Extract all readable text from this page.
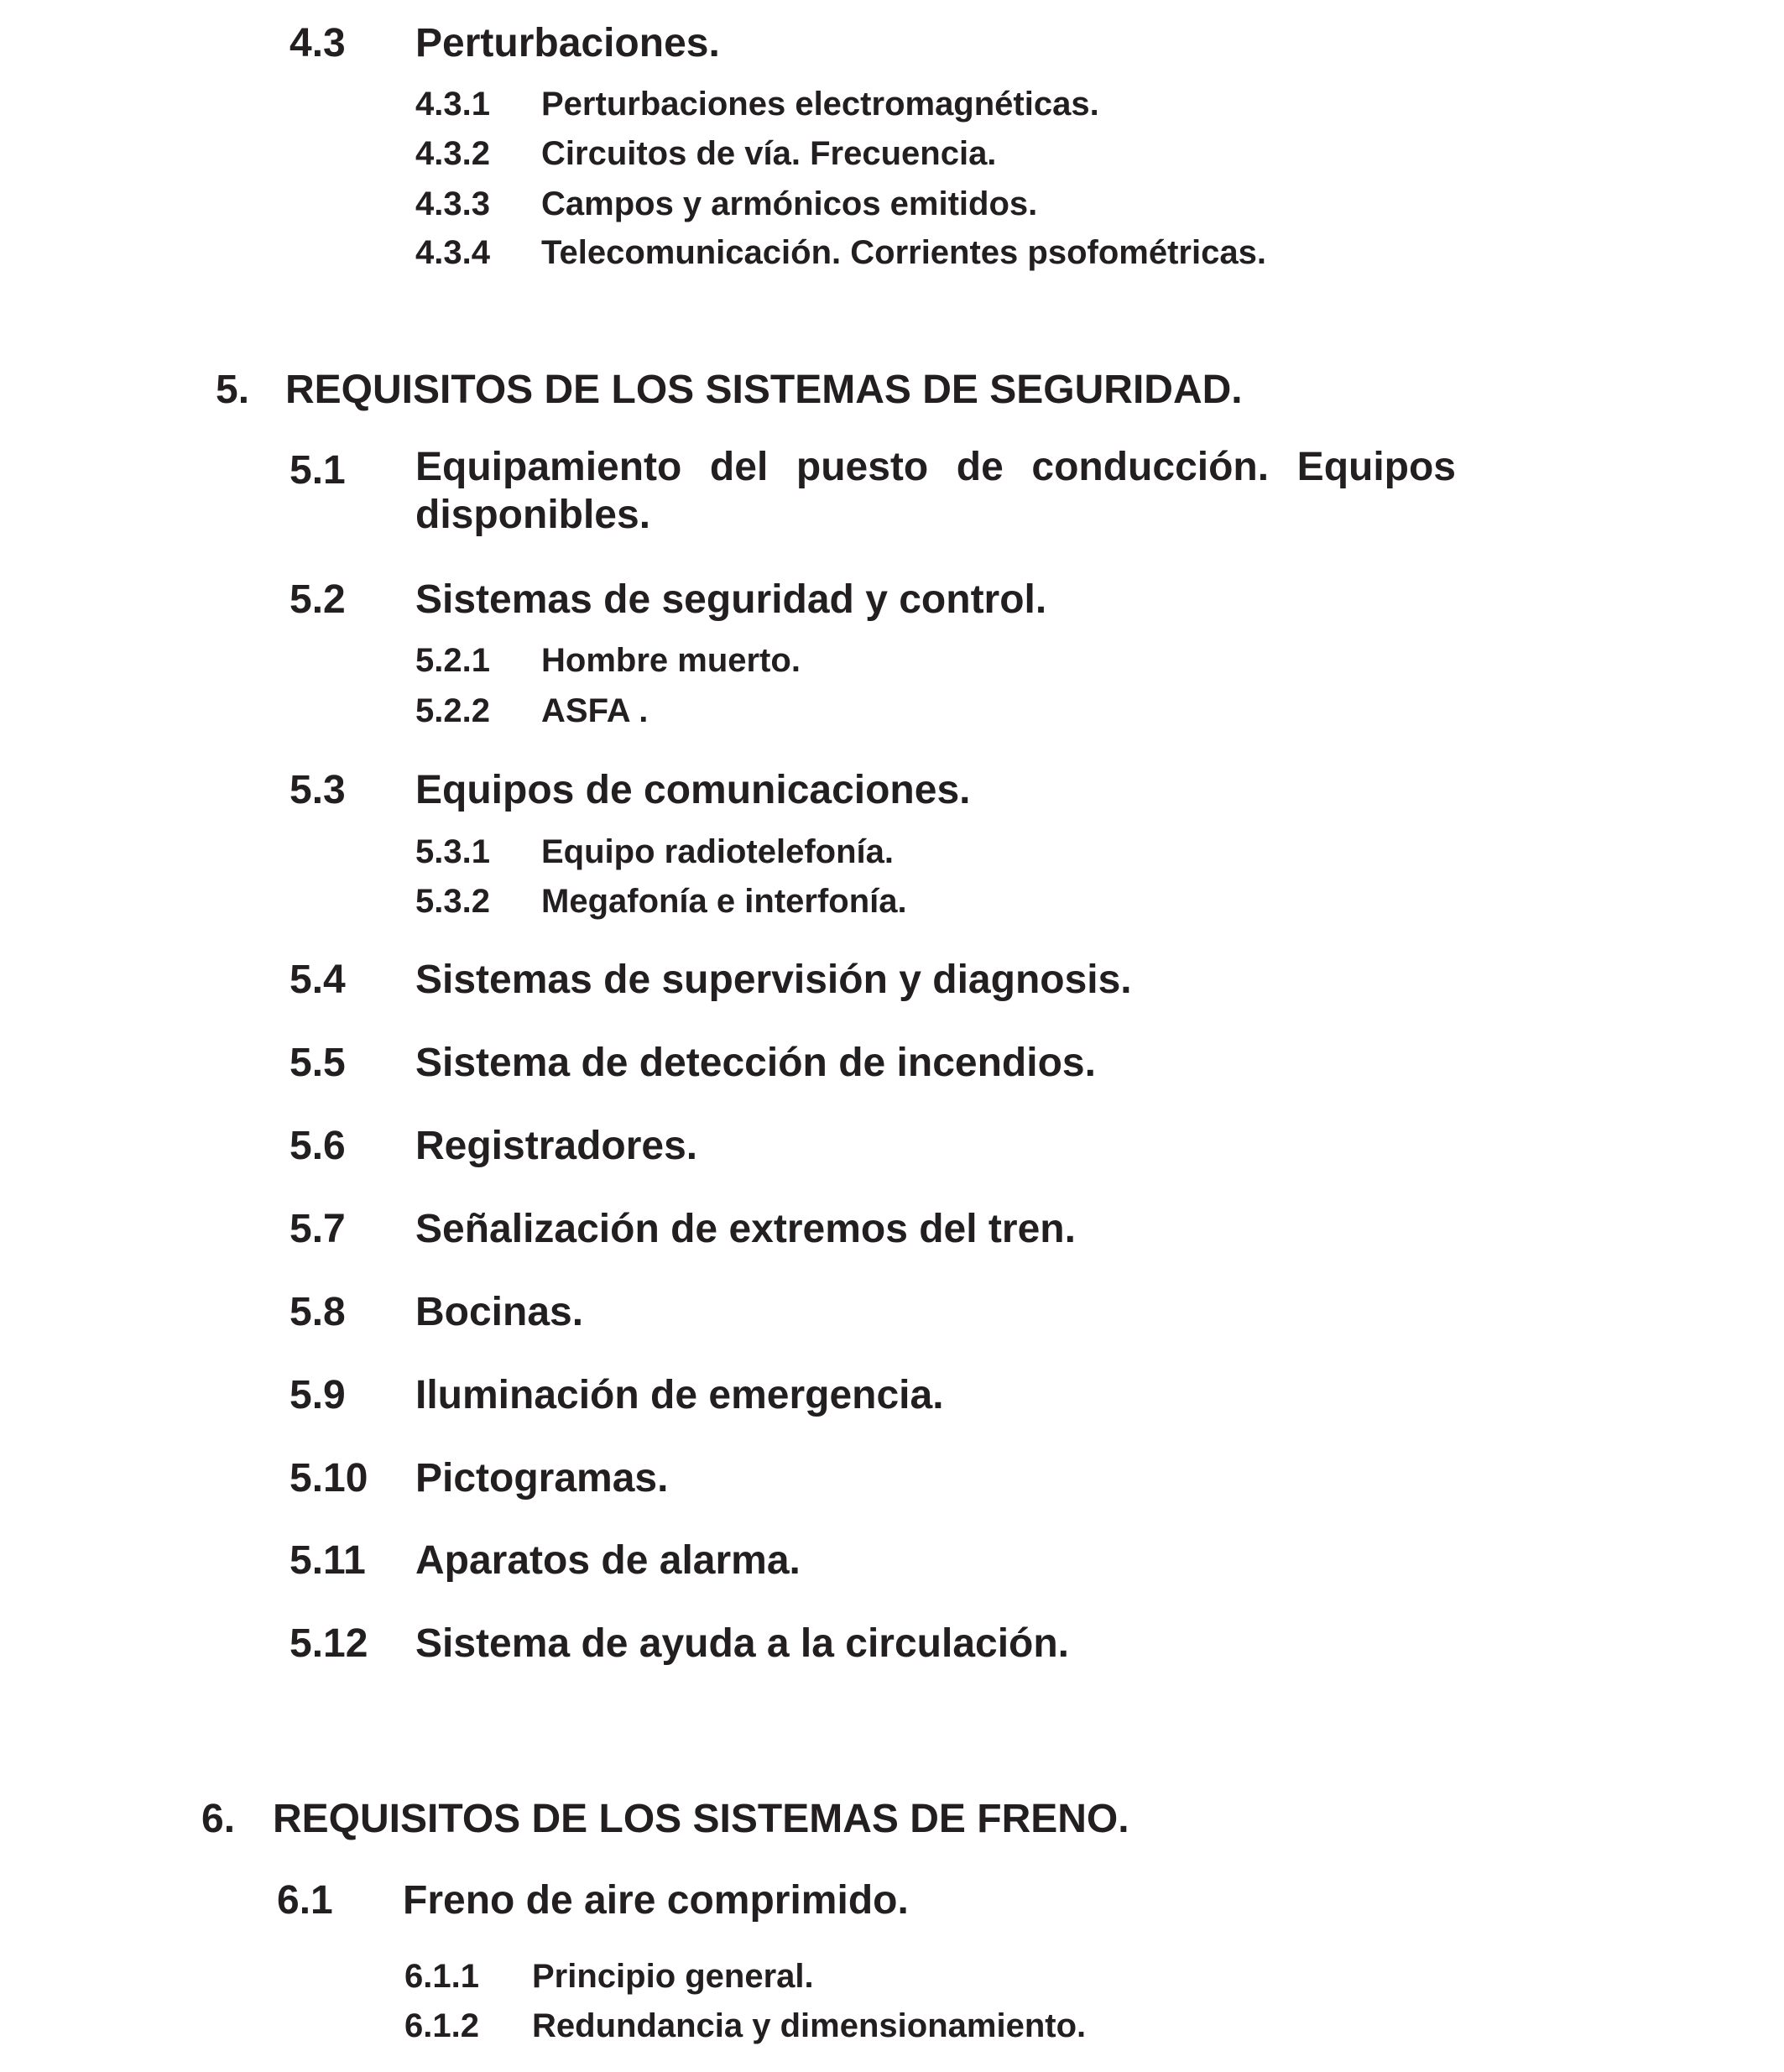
4.3 Perturbaciones.
4.3.1 Perturbaciones electromagnéticas.
4.3.2 Circuitos de vía. Frecuencia.
4.3.3 Campos y armónicos emitidos.
4.3.4 Telecomunicación. Corrientes psofométricas.
5. REQUISITOS DE LOS SISTEMAS DE SEGURIDAD.
5.1 Equipamiento del puesto de conducción. Equipos disponibles.
5.2 Sistemas de seguridad y control.
5.2.1 Hombre muerto.
5.2.2 ASFA .
5.3 Equipos de comunicaciones.
5.3.1 Equipo radiotelefonía.
5.3.2 Megafonía e interfonía.
5.4 Sistemas de supervisión y diagnosis.
5.5 Sistema de detección de incendios.
5.6 Registradores.
5.7 Señalización de extremos del tren.
5.8 Bocinas.
5.9 Iluminación de emergencia.
5.10 Pictogramas.
5.11 Aparatos de alarma.
5.12 Sistema de ayuda a la circulación.
6. REQUISITOS DE LOS SISTEMAS DE FRENO.
6.1 Freno de aire comprimido.
6.1.1 Principio general.
6.1.2 Redundancia y dimensionamiento.
